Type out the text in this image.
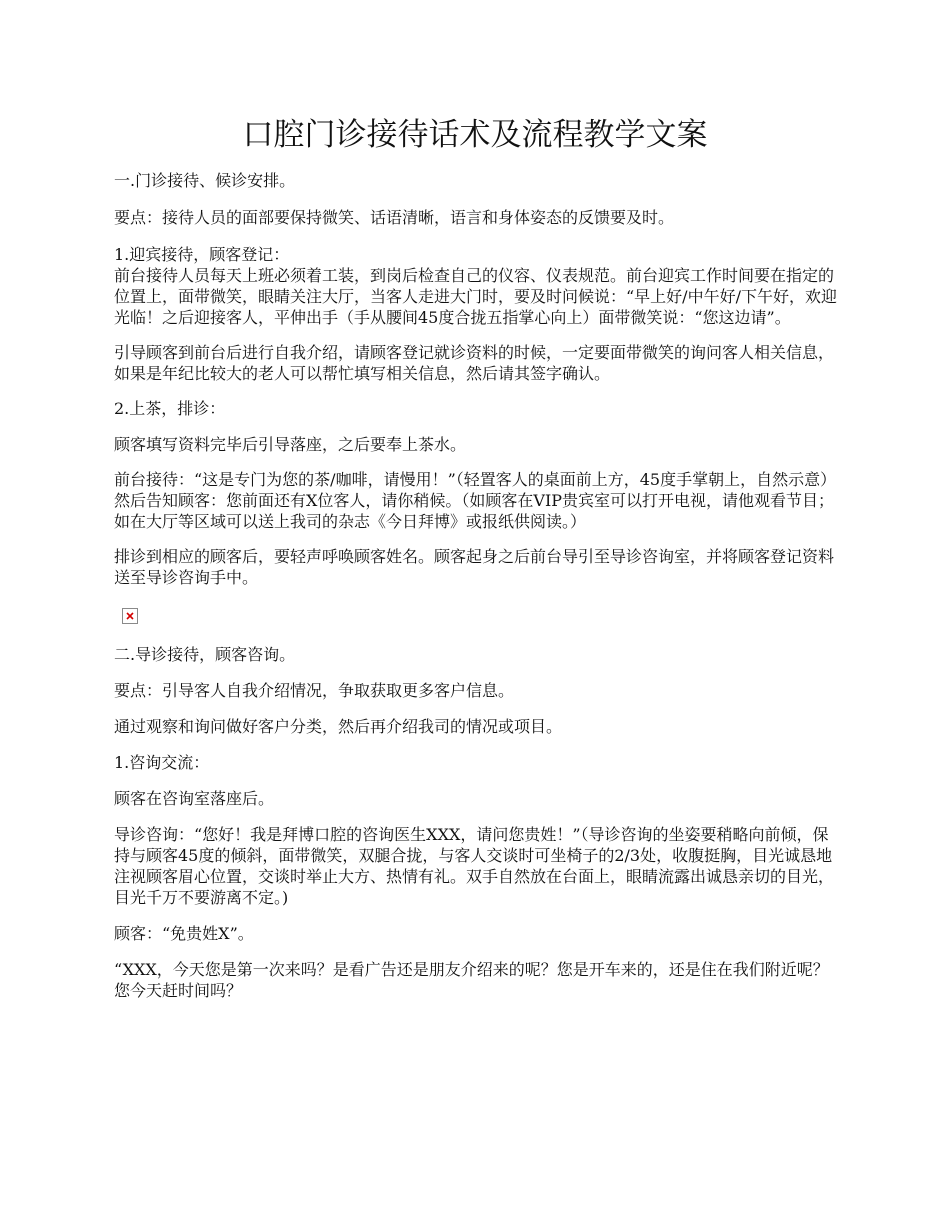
口腔门诊接待话术及流程教学文案

一.门诊接待、候诊安排。

要点：接待人员的面部要保持微笑、话语清晰，语言和身体姿态的反馈要及时。

1.迎宾接待，顾客登记：

前台接待人员每天上班必须着工装，到岗后检查自己的仪容、仪表规范。前台迎宾工作时间要在指定的位置上，面带微笑，眼睛关注大厅，当客人走进大门时，要及时问候说：“早上好/中午好/下午好，欢迎光临！之后迎接客人，平伸出手（手从腰间45度合拢五指掌心向上）面带微笑说：“您这边请”。

引导顾客到前台后进行自我介绍，请顾客登记就诊资料的时候，一定要面带微笑的询问客人相关信息，如果是年纪比较大的老人可以帮忙填写相关信息，然后请其签字确认。

2.上茶，排诊：

顾客填写资料完毕后引导落座，之后要奉上茶水。

前台接待：“这是专门为您的茶/咖啡，请慢用！”（轻置客人的桌面前上方，45度手掌朝上，自然示意）然后告知顾客：您前面还有X位客人，请你稍候。（如顾客在VIP贵宾室可以打开电视，请他观看节目；如在大厅等区域可以送上我司的杂志《今日拜博》或报纸供阅读。）

排诊到相应的顾客后，要轻声呼唤顾客姓名。顾客起身之后前台导引至导诊咨询室，并将顾客登记资料送至导诊咨询手中。

二.导诊接待，顾客咨询。

要点：引导客人自我介绍情况，争取获取更多客户信息。

通过观察和询问做好客户分类，然后再介绍我司的情况或项目。

1.咨询交流：

顾客在咨询室落座后。

导诊咨询：“您好！我是拜博口腔的咨询医生XXX，请问您贵姓！”（导诊咨询的坐姿要稍略向前倾，保持与顾客45度的倾斜，面带微笑，双腿合拢，与客人交谈时可坐椅子的2/3处，收腹挺胸，目光诚恳地注视顾客眉心位置，交谈时举止大方、热情有礼。双手自然放在台面上，眼睛流露出诚恳亲切的目光，目光千万不要游离不定。)

顾客：“免贵姓X”。

“XXX，今天您是第一次来吗？是看广告还是朋友介绍来的呢？您是开车来的，还是住在我们附近呢？您今天赶时间吗？
